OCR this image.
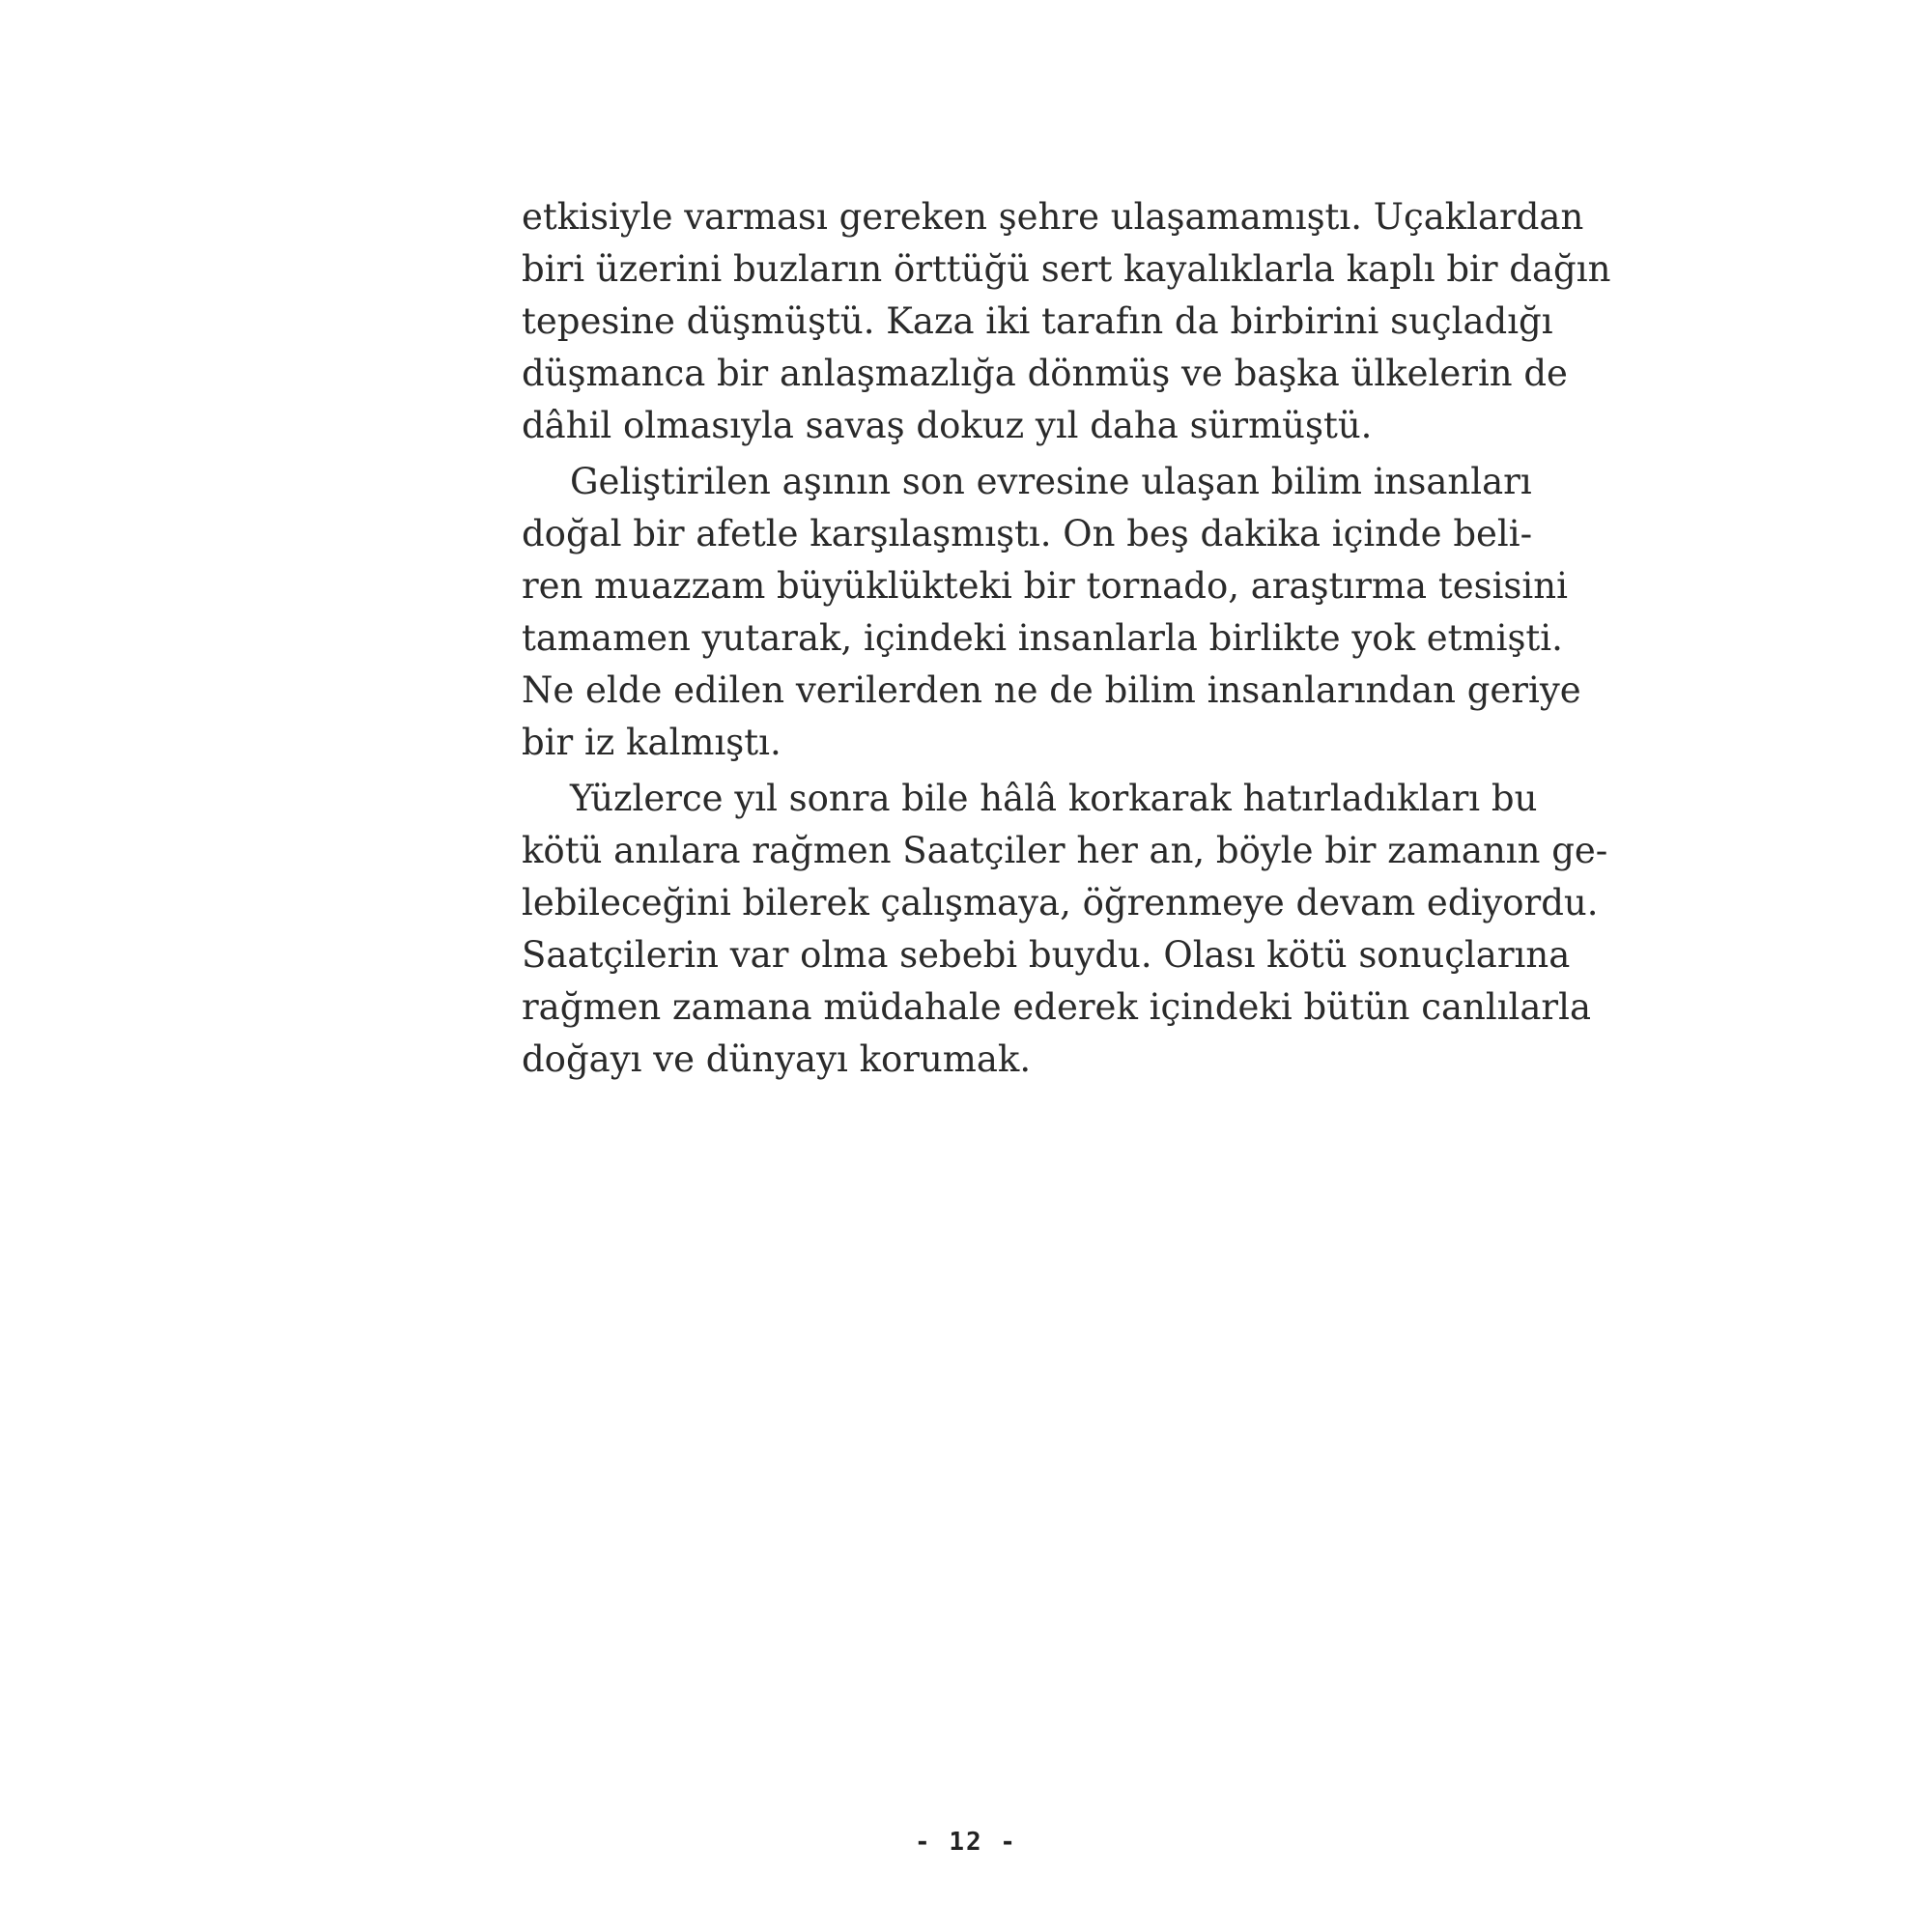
etkisiyle varması gereken şehre ulaşamamıştı. Uçaklardan
biri üzerini buzların örttüğü sert kayalıklarla kaplı bir dağın
tepesine düşmüştü. Kaza iki tarafın da birbirini suçladığı
düşmanca bir anlaşmazlığa dönmüş ve başka ülkelerin de
dâhil olmasıyla savaş dokuz yıl daha sürmüştü.

Geliştirilen aşının son evresine ulaşan bilim insanları
doğal bir afetle karşılaşmıştı. On beş dakika içinde beli-
ren muazzam büyüklükteki bir tornado, araştırma tesisini
tamamen yutarak, içindeki insanlarla birlikte yok etmişti.
Ne elde edilen verilerden ne de bilim insanlarından geriye
bir iz kalmıştı.

Yüzlerce yıl sonra bile hâlâ korkarak hatırladıkları bu
kötü anılara rağmen Saatçiler her an, böyle bir zamanın ge-
lebileceğini bilerek çalışmaya, öğrenmeye devam ediyordu.
Saatçilerin var olma sebebi buydu. Olası kötü sonuçlarına
rağmen zamana müdahale ederek içindeki bütün canlılarla
doğayı ve dünyayı korumak.

- 12 -
